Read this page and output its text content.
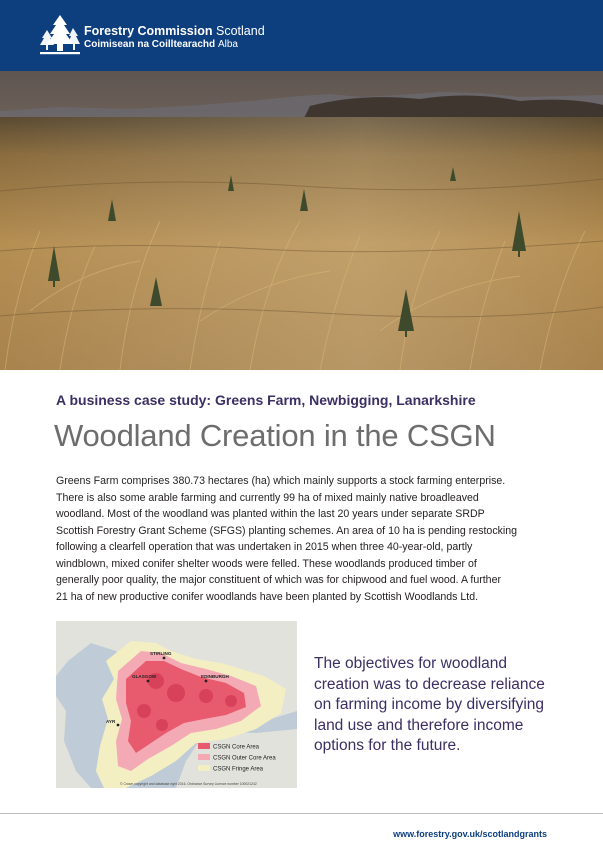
Forestry Commission Scotland
Coimisean na Coilltearachd Alba
A business case study: Greens Farm, Newbigging, Lanarkshire
Woodland Creation in the CSGN

Greens Farm comprises 380.73 hectares (ha) which mainly supports a stock farming enterprise.
There is also some arable farming and currently 99 ha of mixed mainly native broadleaved
woodland. Most of the woodland was planted within the last 20 years under separate SRDP
Scottish Forestry Grant Scheme (SFGS) planting schemes. An area of 10 ha is pending restocking
following a clearfell operation that was undertaken in 2015 when three 40-year-old, partly
windblown, mixed conifer shelter woods were felled. These woodlands produced timber of
generally poor quality, the major constituent of which was for chipwood and fuel wood. A further
21 ha of new productive conifer woodlands have been planted by Scottish Woodlands Ltd.

STIRLING
GLASGOW	EDINBURGH
AYR
CSGN Core Area
CSGN Outer Core Area
CSGN Fringe Area
© Crown copyright and database right 2016. Ordnance Survey Licence number 100021242

The objectives for woodland
creation was to decrease reliance
on farming income by diversifying
land use and therefore income
options for the future.

www.forestry.gov.uk/scotlandgrants
